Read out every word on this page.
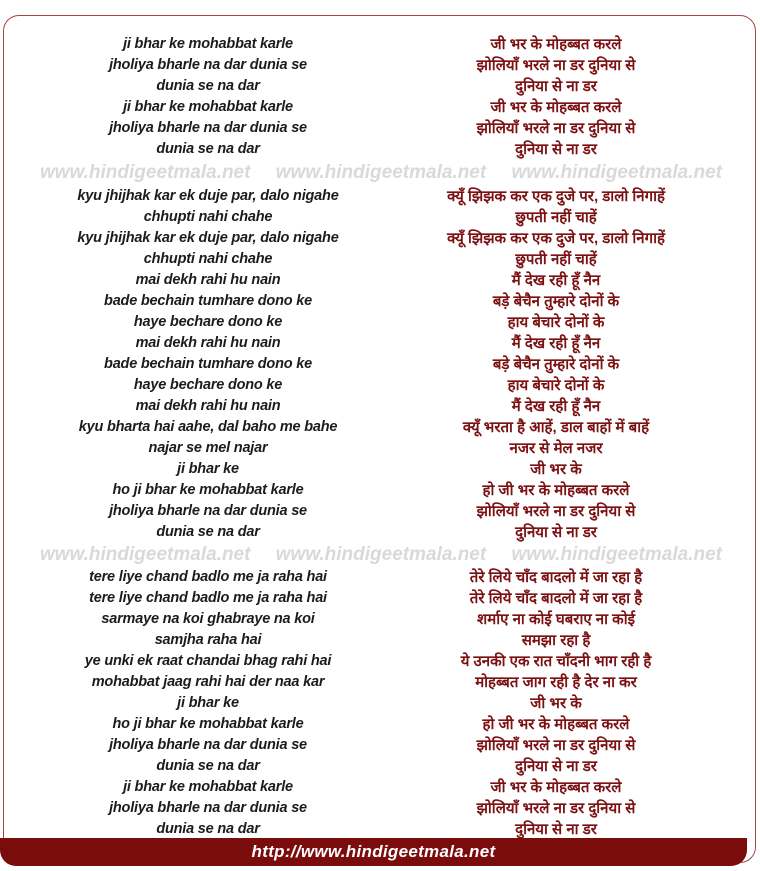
ji bhar ke mohabbat karle
jholiya bharle na dar dunia se
dunia se na dar
ji bhar ke mohabbat karle
jholiya bharle na dar dunia se
dunia se na dar
जी भर के मोहब्बत करले
झोलियाँ भरले ना डर दुनिया से
दुनिया से ना डर
जी भर के मोहब्बत करले
झोलियाँ भरले ना डर दुनिया से
दुनिया से ना डर
www.hindigeetmala.net www.hindigeetmala.net www.hindigeetmala.net
kyu jhijhak kar ek duje par, dalo nigahe
chhupti nahi chahe
kyu jhijhak kar ek duje par, dalo nigahe
chhupti nahi chahe
mai dekh rahi hu nain
bade bechain tumhare dono ke
haye bechare dono ke
mai dekh rahi hu nain
bade bechain tumhare dono ke
haye bechare dono ke
mai dekh rahi hu nain
kyu bharta hai aahe, dal baho me bahe
najar se mel najar
ji bhar ke
ho ji bhar ke mohabbat karle
jholiya bharle na dar dunia se
dunia se na dar
क्यूँ झिझक कर एक दुजे पर, डालो निगाहें
छुपती नहीं चाहें
क्यूँ झिझक कर एक दुजे पर, डालो निगाहें
छुपती नहीं चाहें
मैं देख रही हूँ नैन
बड़े बेचैन तुम्हारे दोनों के
हाय बेचारे दोनों के
मैं देख रही हूँ नैन
बड़े बेचैन तुम्हारे दोनों के
हाय बेचारे दोनों के
मैं देख रही हूँ नैन
क्यूँ भरता है आहें, डाल बाहों में बाहें
नजर से मेल नजर
जी भर के
हो जी भर के मोहब्बत करले
झोलियाँ भरले ना डर दुनिया से
दुनिया से ना डर
www.hindigeetmala.net www.hindigeetmala.net www.hindigeetmala.net
tere liye chand badlo me ja raha hai
tere liye chand badlo me ja raha hai
sarmaye na koi ghabraye na koi
samjha raha hai
ye unki ek raat chandai bhag rahi hai
mohabbat jaag rahi hai der naa kar
ji bhar ke
ho ji bhar ke mohabbat karle
jholiya bharle na dar dunia se
dunia se na dar
ji bhar ke mohabbat karle
jholiya bharle na dar dunia se
dunia se na dar
तेरे लिये चाँद बादलो में जा रहा है
तेरे लिये चाँद बादलो में जा रहा है
शर्माए ना कोई घबराए ना कोई
समझा रहा है
ये उनकी एक रात चाँदनी भाग रही है
मोहब्बत जाग रही है देर ना कर
जी भर के
हो जी भर के मोहब्बत करले
झोलियाँ भरले ना डर दुनिया से
दुनिया से ना डर
जी भर के मोहब्बत करले
झोलियाँ भरले ना डर दुनिया से
दुनिया से ना डर
http://www.hindigeetmala.net
